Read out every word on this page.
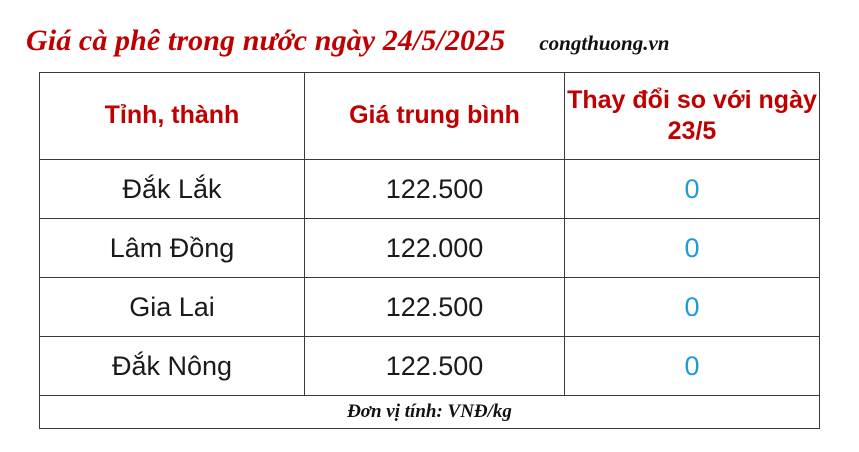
Giá cà phê trong nước ngày 24/5/2025 congthuong.vn
Tỉnh, thành	Giá trung bình	Thay đổi so với ngày 23/5
Đắk Lắk	122.500	0
Lâm Đồng	122.000	0
Gia Lai	122.500	0
Đắk Nông	122.500	0
Đơn vị tính: VNĐ/kg		
